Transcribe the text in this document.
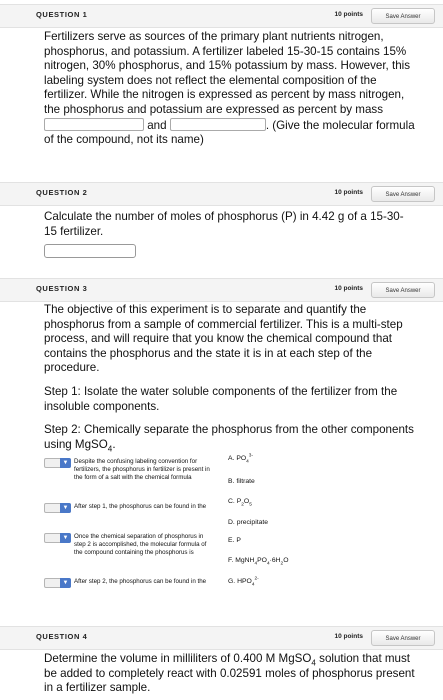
QUESTION 1	10 points	Save Answer
Fertilizers serve as sources of the primary plant nutrients nitrogen, phosphorus, and potassium. A fertilizer labeled 15-30-15 contains 15% nitrogen, 30% phosphorus, and 15% potassium by mass. However, this labeling system does not reflect the elemental composition of the fertilizer. While the nitrogen is expressed as percent by mass nitrogen, the phosphorus and potassium are expressed as percent by mass  and	. (Give the molecular formula of the compound, not its name)
QUESTION 2	10 points	Save Answer
Calculate the number of moles of phosphorus (P) in 4.42 g of a 15-30-15 fertilizer.
QUESTION 3	10 points	Save Answer

The objective of this experiment is to separate and quantify the phosphorus from a sample of commercial fertilizer. This is a multi-step process, and will require that you know the chemical compound that contains the phosphorus and the state it is in at each step of the procedure.

Step 1: Isolate the water soluble components of the fertilizer from the insoluble components.

Step 2: Chemically separate the phosphorus from the other components using MgSO$_4$.

▼ Despite the confusing labeling convention for fertilizers, the phosphorus in fertilizer is present in the form of a salt with the chemical formula
▼ After step 1, the phosphorus can be found in the
▼ Once the chemical separation of phosphorus in step 2 is accomplished, the molecular formula of the compound containing the phosphorus is
▼ After step 2, the phosphorus can be found in the
A. $PO_4^{3-}$
B. filtrate
C. $P_2O_5$
D. precipitate
E. P
F. $MgNH_4PO_4\cdot 6H_2O$
G. $HPO_4^{2-}$
QUESTION 4	10 points	Save Answer
Determine the volume in milliliters of 0.400 M MgSO$_4$ solution that must be added to completely react with 0.02591 moles of phosphorus present in a fertilizer sample.
